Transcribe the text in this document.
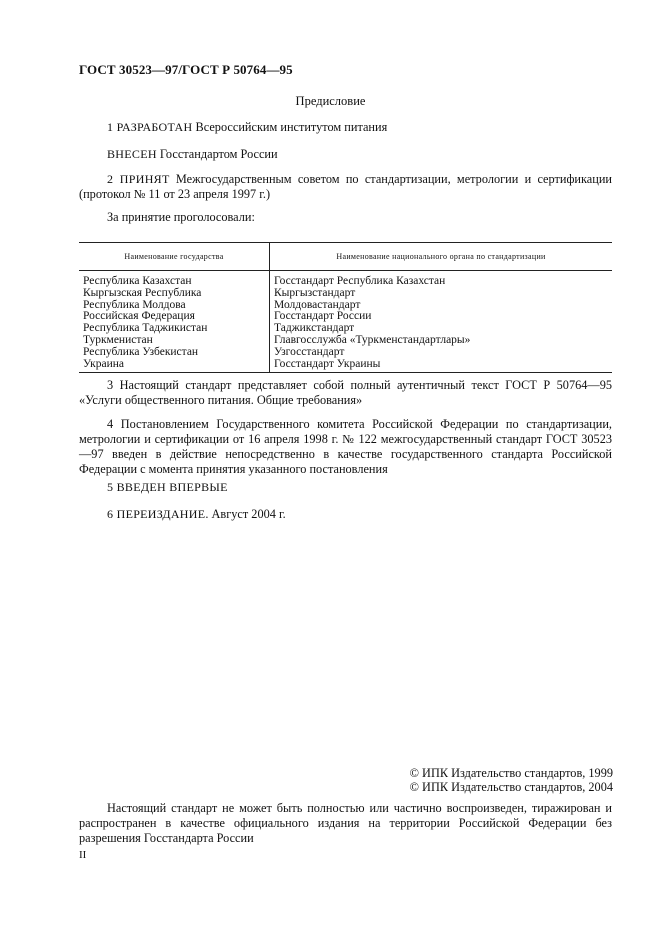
ГОСТ 30523—97/ГОСТ Р 50764—95
Предисловие
1 РАЗРАБОТАН Всероссийским институтом питания
ВНЕСЕН Госстандартом России
2 ПРИНЯТ Межгосударственным советом по стандартизации, метрологии и сертификации (протокол № 11 от 23 апреля 1997 г.)
За принятие проголосовали:
Наименование государства	Наименование национального органа по стандартизации
Республика Казахстан	Госстандарт Республика Казахстан
Кыргызская Республика	Кыргызстандарт
Республика Молдова	Молдовастандарт
Российская Федерация	Госстандарт России
Республика Таджикистан	Таджикстандарт
Туркменистан	Главгосслужба «Туркменстандартлары»
Республика Узбекистан	Узгосстандарт
Украина	Госстандарт Украины
3 Настоящий стандарт представляет собой полный аутентичный текст ГОСТ Р 50764—95 «Услуги общественного питания. Общие требования»
4 Постановлением Государственного комитета Российской Федерации по стандартизации, метрологии и сертификации от 16 апреля 1998 г. № 122 межгосударственный стандарт ГОСТ 30523—97 введен в действие непосредственно в качестве государственного стандарта Российской Федерации с момента принятия указанного постановления
5 ВВЕДЕН ВПЕРВЫЕ
6 ПЕРЕИЗДАНИЕ. Август 2004 г.
© ИПК Издательство стандартов, 1999
© ИПК Издательство стандартов, 2004
Настоящий стандарт не может быть полностью или частично воспроизведен, тиражирован и распространен в качестве официального издания на территории Российской Федерации без разрешения Госстандарта России
II
